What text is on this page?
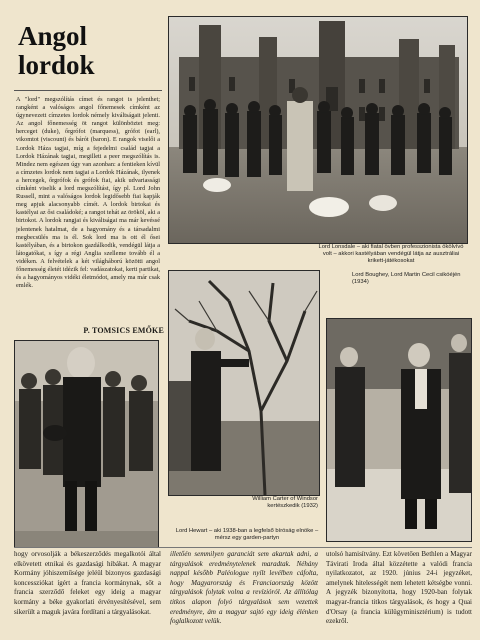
Angol
lordok
A "lord" megszólítás címet és rangot is jelenthet; rangként a valóságos angol főnemesek címként az úgynevezett címzetes lordok némely kiváltságait jelenti. Az angol főnemesség öt rangot különböztet meg: herceget (duke), őrgrófot (marquess), grófot (earl), vikomtot (viscount) és bárót (baron). E rangok viselői a Lordok Háza tagjai, míg a fejedelmi család tagjai a Lordok Házának tagjai, megilleti a peer megszólítás is. Mindez nem egészen úgy van azonban: a fentieken kívül a címzetes lordok nem tagjai a Lordok Házának, ilyenek a hercegek, őrgrófok és grófok fiai, akik udvariassági címként viselik a lord megszólítást, így pl. Lord John Russell, mint a valóságos lordok legidősebb fiai kapják meg apjuk alacsonyabb címét. A lordok birtokai és kastélyai az ősi családoké; a rangot tehát az örököl, aki a birtokot. A lordok rangjai és kiváltságai ma már kevéssé jelentenek hatalmat, de a hagyomány és a társadalmi megbecsülés ma is él. Sok lord ma is ott él ősei kastélyában, és a birtokon gazdálkodik, vendégül látja a látogatókat, s így a régi Anglia szelleme tovább él a vidéken. A felvételek a két világháború közötti angol főnemesség életét idézik fel: vadászatokat, kerti partikat, és a hagyományos vidéki életmódot, amely ma már csak emlék.
P. TOMSICS EMŐKE
Lord Lonsdale – aki fiatal övben professzionista ökölvívó volt – akkori kastélyában vendégül látja az ausztráliai krikett-játékosokat
Lord Boughey, Lord Martin Cecil csikóéjén (1934)
William Carter of Windsor kertészkedik (1932)
Lord Hewart – aki 1938-ban a legfelső bíróság elnöke – mérsz egy garden-partyn
hogy orvosolják a békeszerződés megalkotói által elkövetett etnikai és gazdasági hibákat. A magyar Kormány jóhiszeműsége jeléül bizonyos gazdasági koncessziókat ígért a francia kormánynak, sőt a francia szerződő feleket egy ideig a magyar kormány a béke gyakorlati érvényesítésével, sem sikerült a maguk javára fordítani a tárgyalásokat.
illetőén semmilyen garanciát sem akartak adni, a tárgyalások eredménytelenek maradtak. Néhány nappal később Paléologue nyílt levélben cáfolta, hogy Magyarország és Franciaország között tárgyalások folytak volna a revízióról. Az állítólag titkos alapon folyó tárgyalások sem vezettek eredményre, ám a magyar sajtó egy ideig élénken foglalkozott velük.
utolsó hamisítvány. Ezt követően Bethlen a Magyar Távirati Iroda által közzétette a valódi francia nyilatkozatot, az 1920. június 24-i jegyzéket, amelynek hitelességét nem lehetett kétségbe vonni. A jegyzék bizonyította, hogy 1920-ban folytak magyar-francia titkos tárgyalások, és hogy a Quai d'Orsay (a francia külügyminisztérium) is tudott ezekről.
